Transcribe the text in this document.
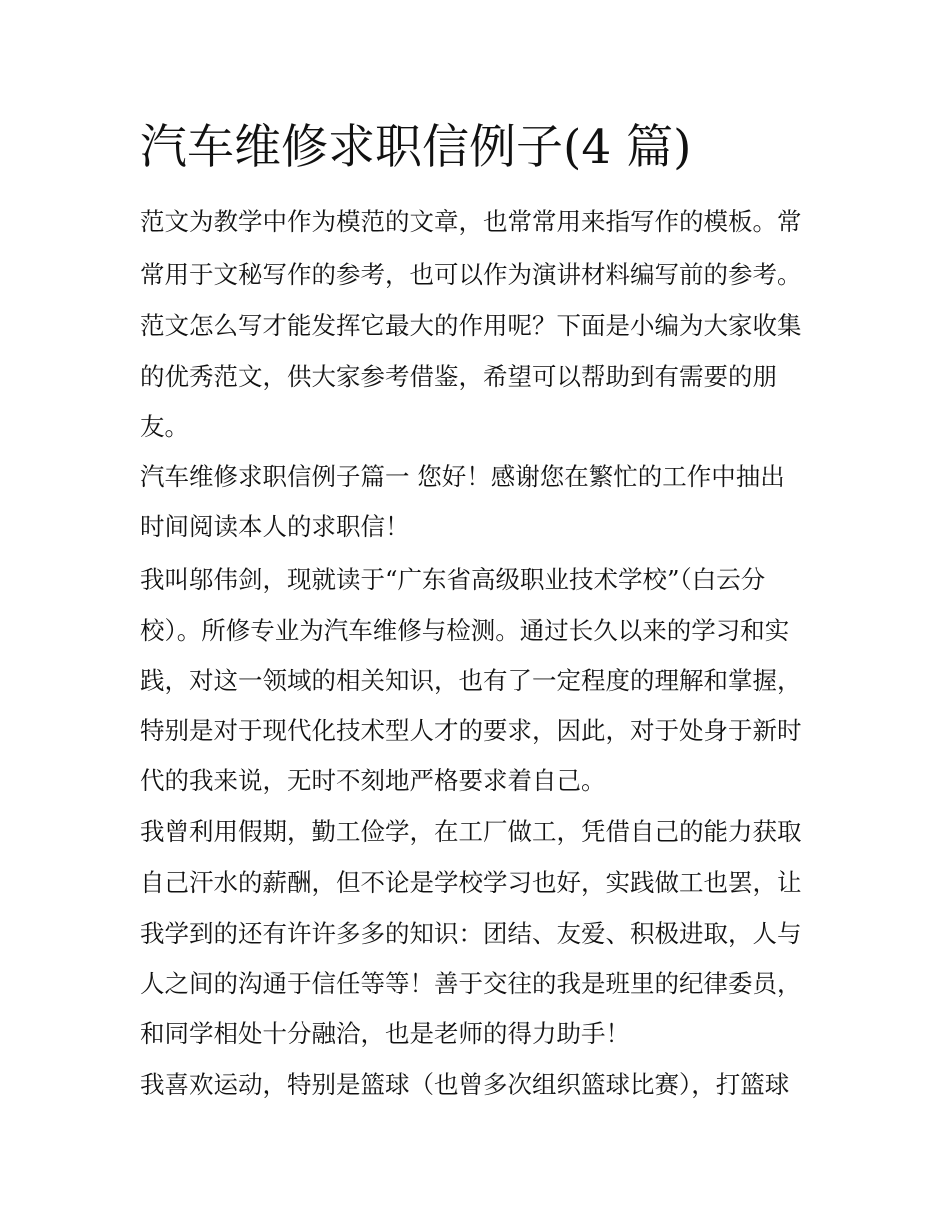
汽车维修求职信例子(4 篇)

范文为教学中作为模范的文章，也常常用来指写作的模板。常

常用于文秘写作的参考，也可以作为演讲材料编写前的参考。

范文怎么写才能发挥它最大的作用呢？下面是小编为大家收集

的优秀范文，供大家参考借鉴，希望可以帮助到有需要的朋

友。

汽车维修求职信例子篇一 您好！感谢您在繁忙的工作中抽出

时间阅读本人的求职信！

我叫邬伟剑，现就读于“广东省高级职业技术学校”（白云分

校）。所修专业为汽车维修与检测。通过长久以来的学习和实

践，对这一领域的相关知识，也有了一定程度的理解和掌握，

特别是对于现代化技术型人才的要求，因此，对于处身于新时

代的我来说，无时不刻地严格要求着自己。

我曾利用假期，勤工俭学，在工厂做工，凭借自己的能力获取

自己汗水的薪酬，但不论是学校学习也好，实践做工也罢，让

我学到的还有许许多多的知识：团结、友爱、积极进取，人与

人之间的沟通于信任等等！善于交往的我是班里的纪律委员，

和同学相处十分融洽，也是老师的得力助手！

我喜欢运动，特别是篮球（也曾多次组织篮球比赛），打篮球
